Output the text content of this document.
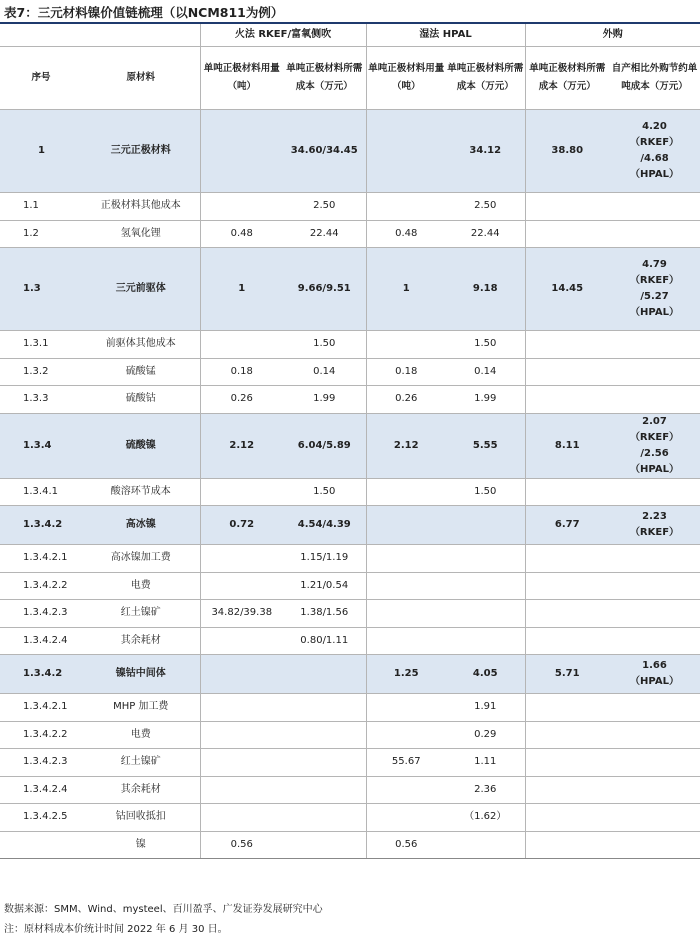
表7：三元材料镍价值链梳理（以NCM811为例）
		火法 RKEF/富氧侧吹		湿法 HPAL		外购	
序号	原材料	单吨正极材料用量（吨）	单吨正极材料所需成本（万元）	单吨正极材料用量（吨）	单吨正极材料所需成本（万元）	单吨正极材料所需成本（万元）	自产相比外购节约单吨成本（万元）
1	三元正极材料		34.60/34.45		34.12	38.80	4.20
（RKEF）
/4.68
（HPAL）

1.1	正极材料其他成本		2.50		2.50		
1.2	氢氧化锂	0.48	22.44	0.48	22.44		
1.3	三元前驱体	1	9.66/9.51	1	9.18	14.45	4.79
（RKEF）
/5.27
（HPAL）

1.3.1	前驱体其他成本		1.50		1.50		
1.3.2	硫酸锰	0.18	0.14	0.18	0.14		
1.3.3	硫酸钴	0.26	1.99	0.26	1.99		
1.3.4	硫酸镍	2.12	6.04/5.89	2.12	5.55	8.11	2.07
（RKEF）
/2.56
（HPAL）

1.3.4.1	酸溶环节成本		1.50		1.50		
1.3.4.2	高冰镍	0.72	4.54/4.39			6.77	2.23
（RKEF）

1.3.4.2.1	高冰镍加工费		1.15/1.19				
1.3.4.2.2	电费		1.21/0.54				
1.3.4.2.3	红土镍矿	34.82/39.38	1.38/1.56				
1.3.4.2.4	其余耗材		0.80/1.11				
1.3.4.2	镍钴中间体			1.25	4.05	5.71	1.66
（HPAL）

1.3.4.2.1	MHP 加工费				1.91		
1.3.4.2.2	电费				0.29		
1.3.4.2.3	红土镍矿			55.67	1.11		
1.3.4.2.4	其余耗材				2.36		
1.3.4.2.5	钴回收抵扣				（1.62）		
	镍	0.56		0.56			
数据来源：SMM、Wind、mysteel、百川盈孚、广发证券发展研究中心
注：原材料成本价统计时间 2022 年 6 月 30 日。
